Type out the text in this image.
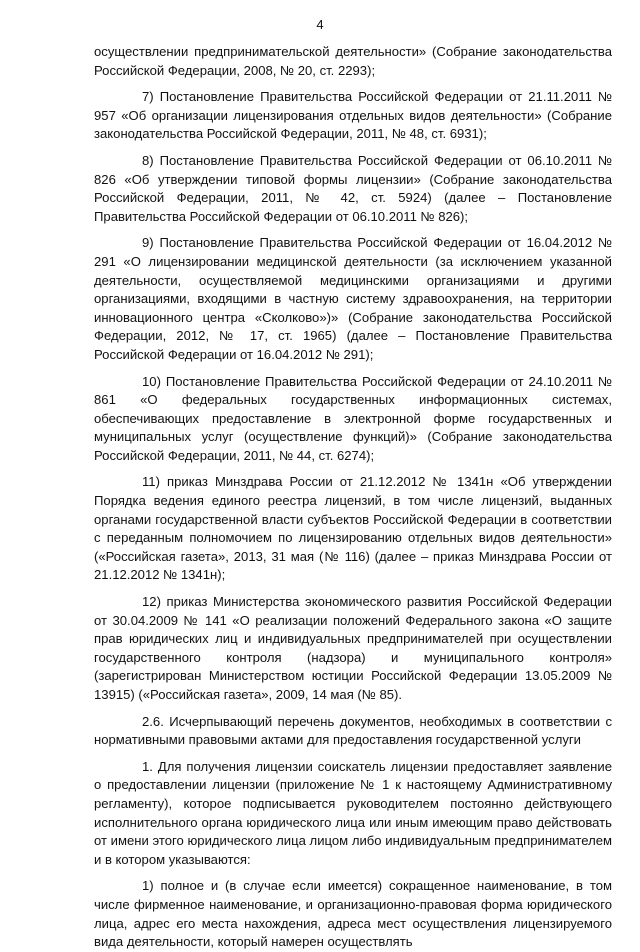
4

осуществлении предпринимательской деятельности» (Собрание законодательства Российской Федерации, 2008, № 20, ст. 2293);

7) Постановление Правительства Российской Федерации от 21.11.2011 № 957 «Об организации лицензирования отдельных видов деятельности» (Собрание законодательства Российской Федерации, 2011, № 48, ст. 6931);

8) Постановление Правительства Российской Федерации от 06.10.2011 № 826 «Об утверждении типовой формы лицензии» (Собрание законодательства Российской Федерации, 2011, № 42, ст. 5924) (далее – Постановление Правительства Российской Федерации от 06.10.2011 № 826);

9) Постановление Правительства Российской Федерации от 16.04.2012 № 291 «О лицензировании медицинской деятельности (за исключением указанной деятельности, осуществляемой медицинскими организациями и другими организациями, входящими в частную систему здравоохранения, на территории инновационного центра «Сколково»)» (Собрание законодательства Российской Федерации, 2012, № 17, ст. 1965) (далее – Постановление Правительства Российской Федерации от 16.04.2012 № 291);

10) Постановление Правительства Российской Федерации от 24.10.2011 № 861 «О федеральных государственных информационных системах, обеспечивающих предоставление в электронной форме государственных и муниципальных услуг (осуществление функций)» (Собрание законодательства Российской Федерации, 2011, № 44, ст. 6274);

11) приказ Минздрава России от 21.12.2012 № 1341н «Об утверждении Порядка ведения единого реестра лицензий, в том числе лицензий, выданных органами государственной власти субъектов Российской Федерации в соответствии с переданным полномочием по лицензированию отдельных видов деятельности» («Российская газета», 2013, 31 мая (№ 116) (далее – приказ Минздрава России от 21.12.2012 № 1341н);

12) приказ Министерства экономического развития Российской Федерации от 30.04.2009 № 141 «О реализации положений Федерального закона «О защите прав юридических лиц и индивидуальных предпринимателей при осуществлении государственного контроля (надзора) и муниципального контроля» (зарегистрирован Министерством юстиции Российской Федерации 13.05.2009 № 13915) («Российская газета», 2009, 14 мая (№ 85).

2.6. Исчерпывающий перечень документов, необходимых в соответствии с нормативными правовыми актами для предоставления государственной услуги

1. Для получения лицензии соискатель лицензии предоставляет заявление о предоставлении лицензии (приложение № 1 к настоящему Административному регламенту), которое подписывается руководителем постоянно действующего исполнительного органа юридического лица или иным имеющим право действовать от имени этого юридического лица лицом либо индивидуальным предпринимателем и в котором указываются:

1) полное и (в случае если имеется) сокращенное наименование, в том числе фирменное наименование, и организационно-правовая форма юридического лица, адрес его места нахождения, адреса мест осуществления лицензируемого вида деятельности, который намерен осуществлять
